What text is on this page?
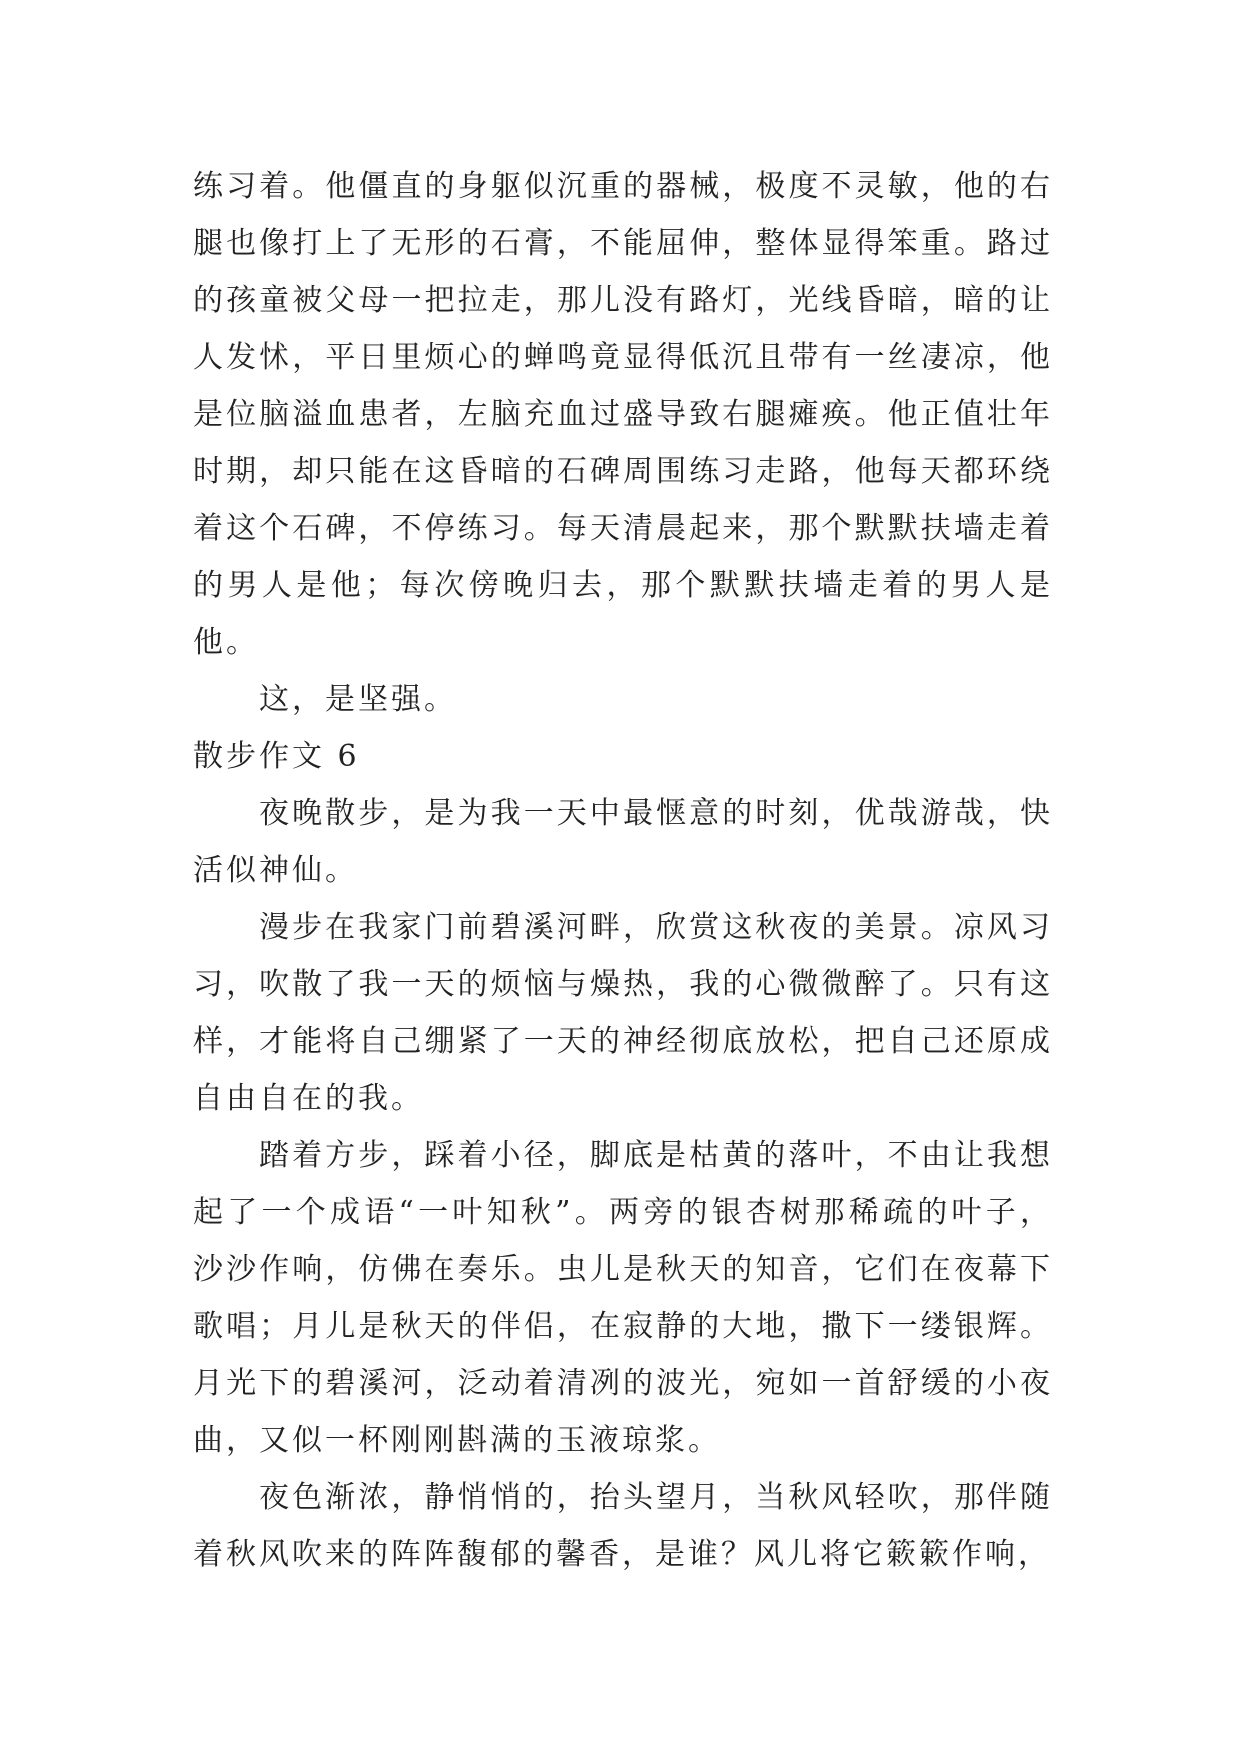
练习着。他僵直的身躯似沉重的器械，极度不灵敏，他的右腿也像打上了无形的石膏，不能屈伸，整体显得笨重。路过的孩童被父母一把拉走，那儿没有路灯，光线昏暗，暗的让人发怵，平日里烦心的蝉鸣竟显得低沉且带有一丝凄凉，他是位脑溢血患者，左脑充血过盛导致右腿瘫痪。他正值壮年时期，却只能在这昏暗的石碑周围练习走路，他每天都环绕着这个石碑，不停练习。每天清晨起来，那个默默扶墙走着的男人是他；每次傍晚归去，那个默默扶墙走着的男人是他。

这，是坚强。

散步作文 6

夜晚散步，是为我一天中最惬意的时刻，优哉游哉，快活似神仙。

漫步在我家门前碧溪河畔，欣赏这秋夜的美景。凉风习习，吹散了我一天的烦恼与燥热，我的心微微醉了。只有这样，才能将自己绷紧了一天的神经彻底放松，把自己还原成自由自在的我。

踏着方步，踩着小径，脚底是枯黄的落叶，不由让我想起了一个成语“一叶知秋”。两旁的银杏树那稀疏的叶子，沙沙作响，仿佛在奏乐。虫儿是秋天的知音，它们在夜幕下歌唱；月儿是秋天的伴侣，在寂静的大地，撒下一缕银辉。月光下的碧溪河，泛动着清冽的波光，宛如一首舒缓的小夜曲，又似一杯刚刚斟满的玉液琼浆。

夜色渐浓，静悄悄的，抬头望月，当秋风轻吹，那伴随着秋风吹来的阵阵馥郁的馨香，是谁？风儿将它簌簌作响，
